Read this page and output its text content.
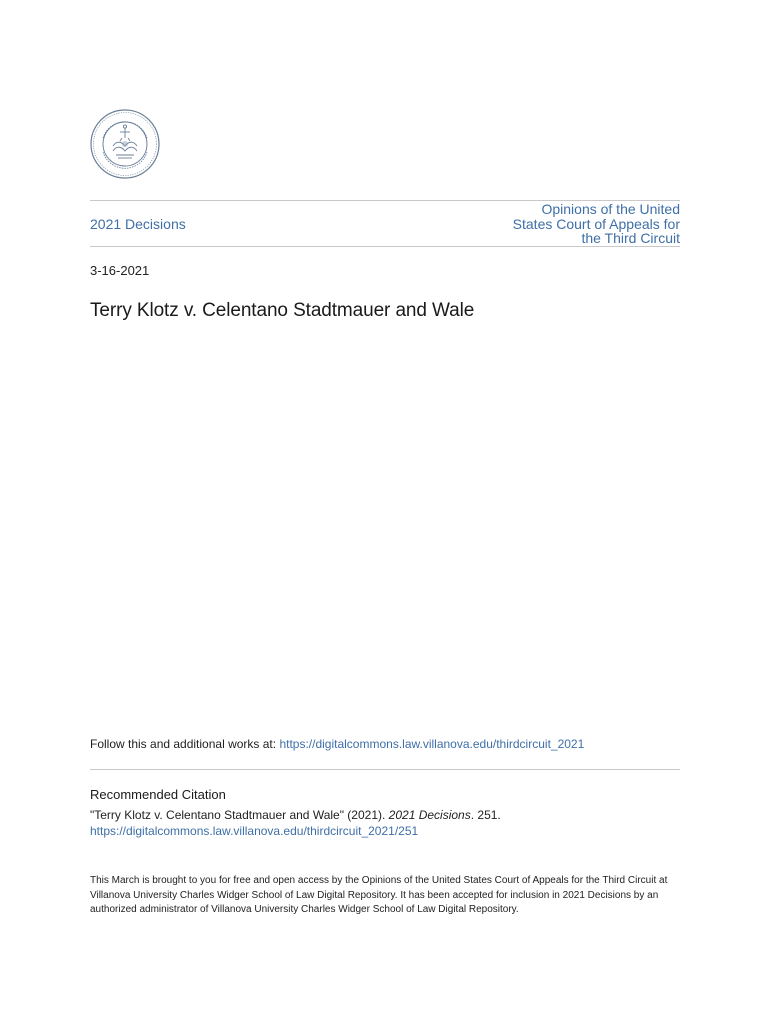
2021 Decisions
Opinions of the United States Court of Appeals for the Third Circuit
3-16-2021
Terry Klotz v. Celentano Stadtmauer and Wale
Follow this and additional works at: https://digitalcommons.law.villanova.edu/thirdcircuit_2021
Recommended Citation
"Terry Klotz v. Celentano Stadtmauer and Wale" (2021). 2021 Decisions. 251.
https://digitalcommons.law.villanova.edu/thirdcircuit_2021/251
This March is brought to you for free and open access by the Opinions of the United States Court of Appeals for the Third Circuit at Villanova University Charles Widger School of Law Digital Repository. It has been accepted for inclusion in 2021 Decisions by an authorized administrator of Villanova University Charles Widger School of Law Digital Repository.
